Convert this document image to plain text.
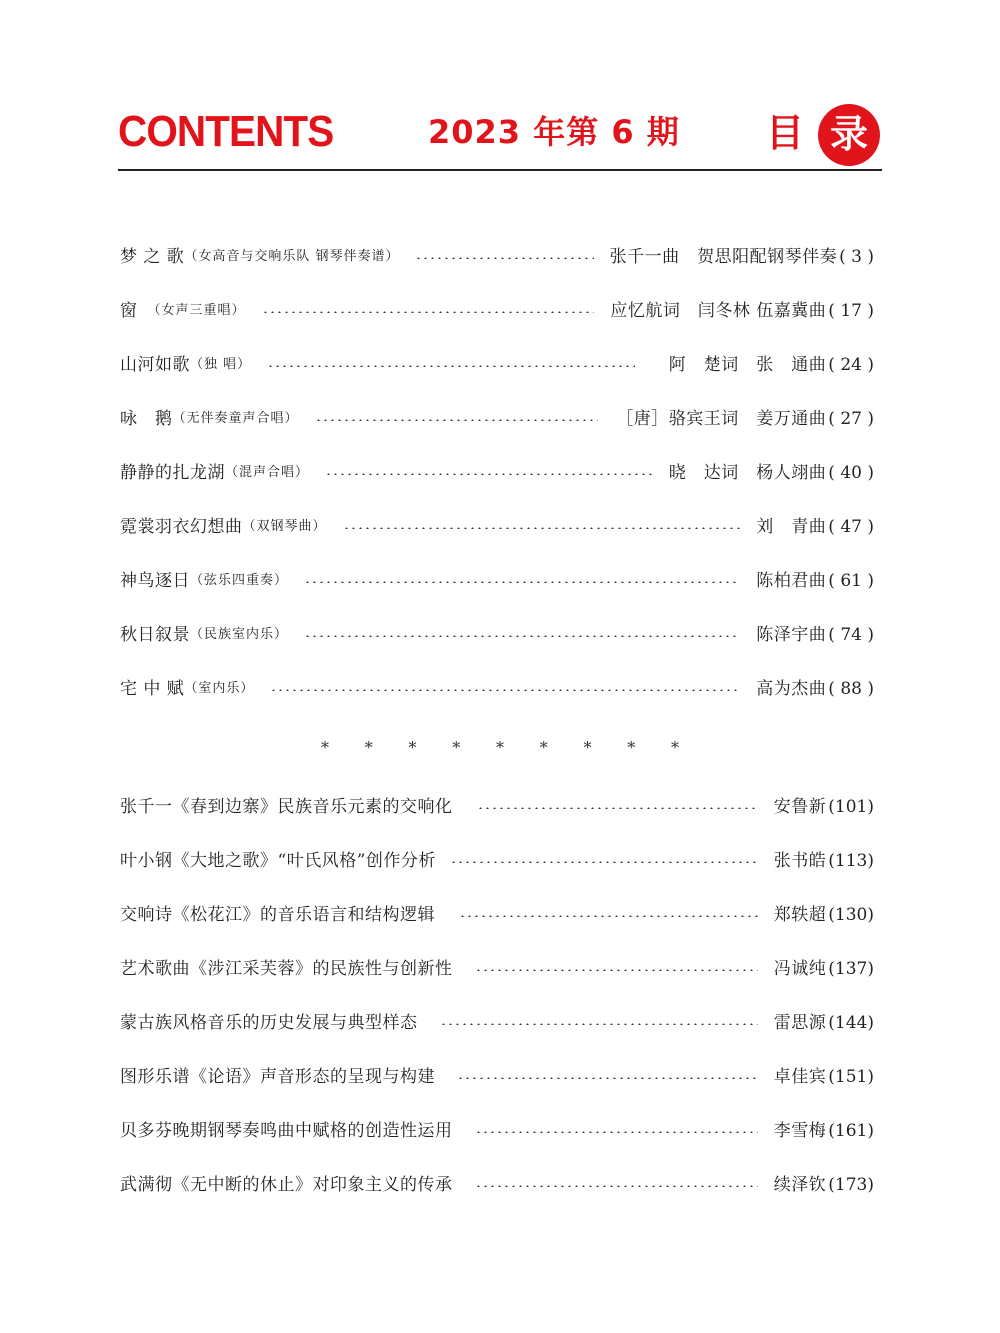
CONTENTS	2023 年第 6 期 目 录
梦 之 歌 （女高音与交响乐队 钢琴伴奏谱）	张千一曲　贺思阳配钢琴伴奏 ( 3 )
窗 （女声三重唱）	应忆航词　闫冬林 伍嘉冀曲 ( 17 )
山河如歌 （独 唱）	阿　楚词　张　通曲 ( 24 )
咏　鹅 （无伴奏童声合唱）	［唐］骆宾王词　姜万通曲 ( 27 )
静静的扎龙湖 （混声合唱）	晓　达词　杨人翊曲 ( 40 )
霓裳羽衣幻想曲 （双钢琴曲）	刘　青曲 ( 47 )
神鸟逐日 （弦乐四重奏）	陈柏君曲 ( 61 )
秋日叙景 （民族室内乐）	陈泽宇曲 ( 74 )
宅 中 赋 （室内乐）	高为杰曲 ( 88 )
* * * * * * * * *
张千一《春到边寨》民族音乐元素的交响化	安鲁新 (101)
叶小钢《大地之歌》“叶氏风格”创作分析	张书皓 (113)
交响诗《松花江》的音乐语言和结构逻辑	郑轶超 (130)
艺术歌曲《涉江采芙蓉》的民族性与创新性	冯诚纯 (137)
蒙古族风格音乐的历史发展与典型样态	雷思源 (144)
图形乐谱《论语》声音形态的呈现与构建	卓佳宾 (151)
贝多芬晚期钢琴奏鸣曲中赋格的创造性运用	李雪梅 (161)
武满彻《无中断的休止》对印象主义的传承	续泽钦 (173)
